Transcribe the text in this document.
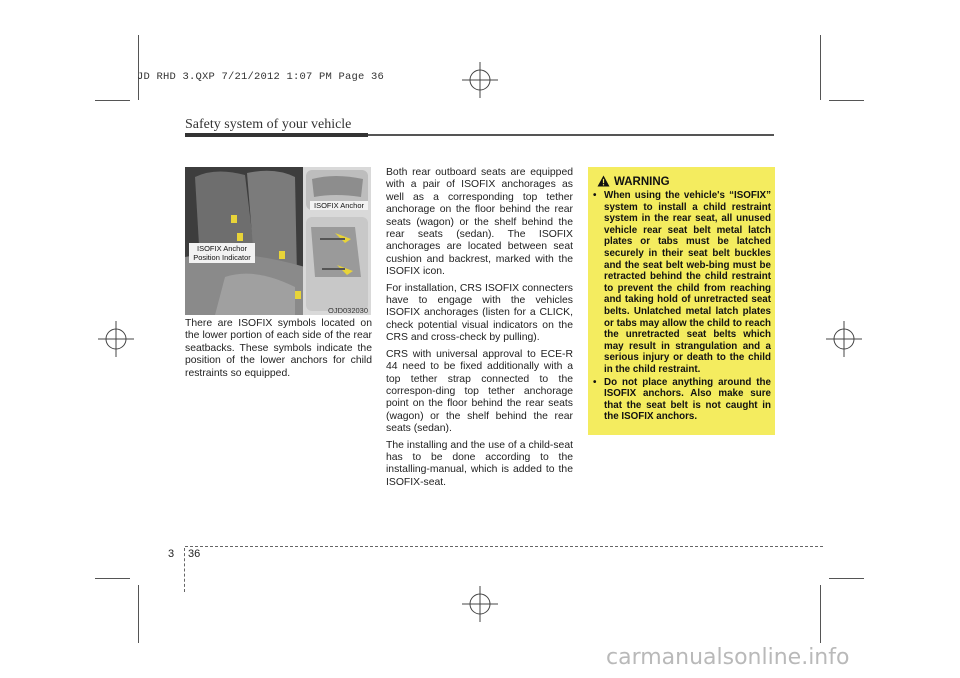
JD RHD 3.QXP 7/21/2012 1:07 PM Page 36
Safety system of your vehicle
ISOFIX Anchor
ISOFIX Anchor
Position Indicator
OJD032030

There are ISOFIX symbols located on the lower portion of each side of the rear seatbacks. These symbols indicate the position of the lower anchors for child restraints so equipped.

Both rear outboard seats are equipped with a pair of ISOFIX anchorages as well as a corresponding top tether anchorage on the floor behind the rear seats (wagon) or the shelf behind the rear seats (sedan). The ISOFIX anchorages are located between seat cushion and backrest, marked with the ISOFIX icon.

For installation, CRS ISOFIX connecters have to engage with the vehicles ISOFIX anchorages (listen for a CLICK, check potential visual indicators on the CRS and cross-check by pulling).

CRS with universal approval to ECE-R 44 need to be fixed additionally with a top tether strap connected to the correspon-ding top tether anchorage point on the floor behind the rear seats (wagon) or the shelf behind the rear seats (sedan).

The installing and the use of a child-seat has to be done according to the installing-manual, which is added to the ISOFIX-seat.

WARNING
• When using the vehicle's “ISOFIX” system to install a child restraint system in the rear seat, all unused vehicle rear seat belt metal latch plates or tabs must be latched securely in their seat belt buckles and the seat belt web-bing must be retracted behind the child restraint to prevent the child from reaching and taking hold of unretracted seat belts. Unlatched metal latch plates or tabs may allow the child to reach the unretracted seat belts which may result in strangulation and a serious injury or death to the child in the child restraint.
• Do not place anything around the ISOFIX anchors. Also make sure that the seat belt is not caught in the ISOFIX anchors.
3 36
carmanualsonline.info
